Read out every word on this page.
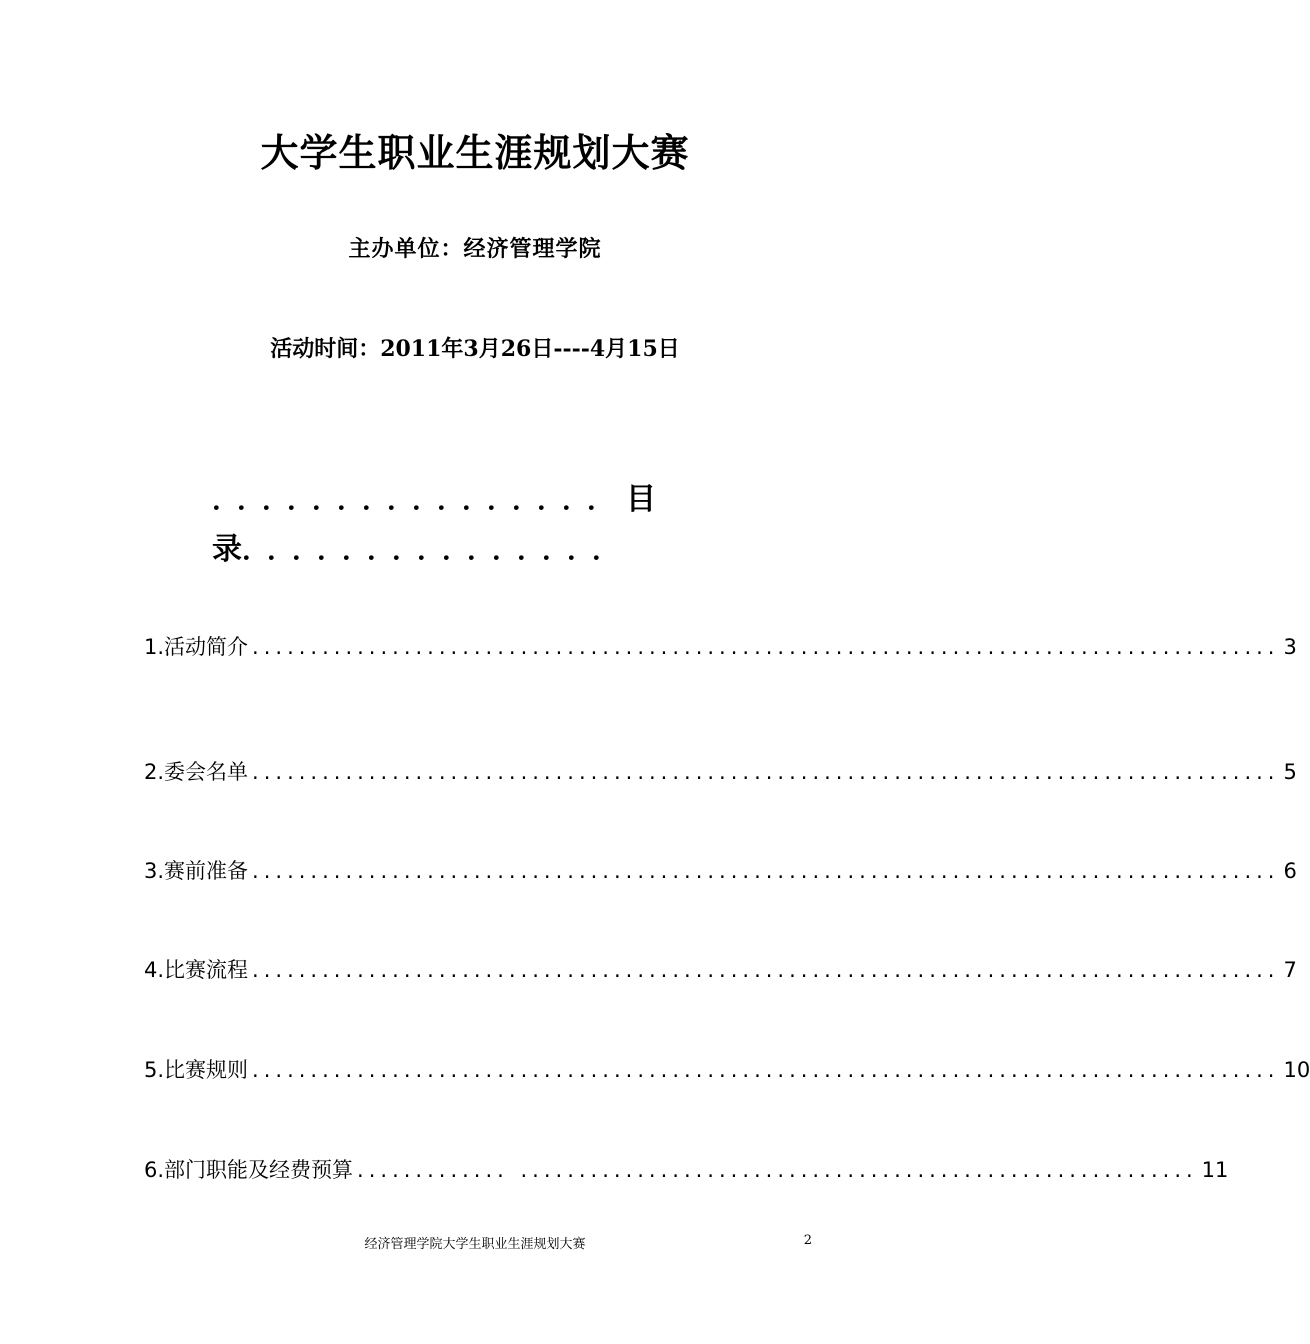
大学生职业生涯规划大赛
主办单位：经济管理学院
活动时间：2011年3月26日----4月15日
．．．．．．．．．．．．．．．．目
录．．．．．．．．．．．．．．．
1.活动简介 ........................................................................................ 3
2.委会名单 ........................................................................................ 5
3.赛前准备 ........................................................................................ 6
4.比赛流程 ........................................................................................ 7
5.比赛规则 ........................................................................................ 10
6.部门职能及经费预算 ............. .......................................................... 11
经济管理学院大学生职业生涯规划大赛	2
